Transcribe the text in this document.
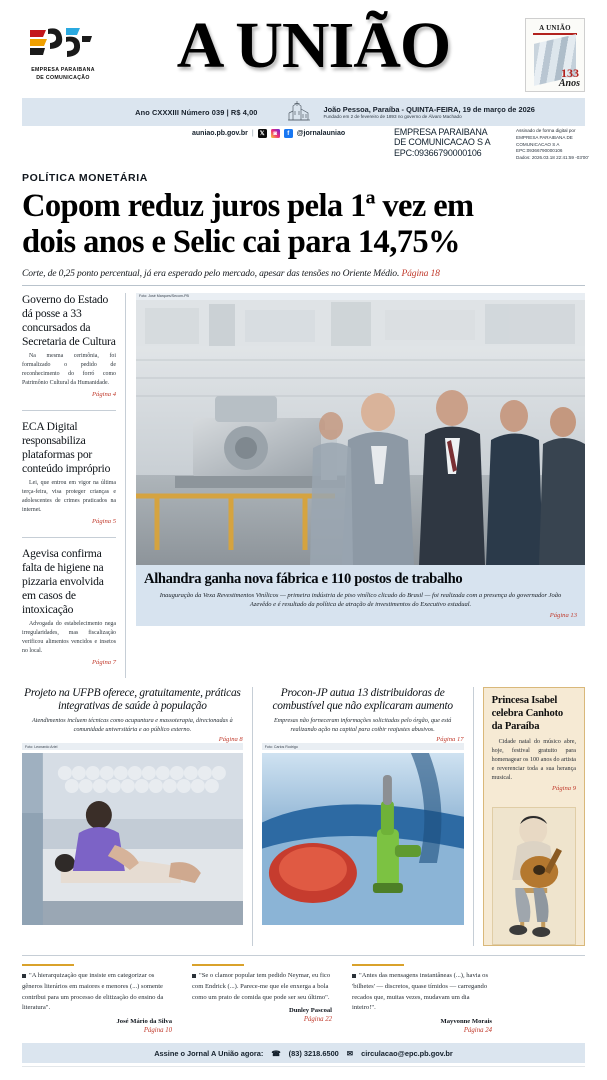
EMPRESA PARAIBANA
DE COMUNICAÇÃO	A UNIÃO	A UNIÃO
133
Anos
Ano CXXXIII Número 039 | R$ 4,00	João Pessoa, Paraíba - QUINTA-FEIRA, 19 de março de 2026
Fundado em 2 de fevereiro de 1893 no governo de Álvaro Machado
auniao.pb.gov.br |	𝕏	◙	f	@jornalauniao	EMPRESA PARAIBANA
DE COMUNICACAO S A
EPC:09366790000106
Assinado de forma digital por
EMPRESA PARAIBANA DE
COMUNICACAO S A
EPC:09366790000106
Dados: 2026.03.18 22:41:59 -03'00'
POLÍTICA MONETÁRIA
Copom reduz juros pela 1ª vez em
dois anos e Selic cai para 14,75%
Corte, de 0,25 ponto percentual, já era esperado pelo mercado, apesar das tensões no Oriente Médio. Página 18
Governo do Estado dá posse a 33 concursados da Secretaria de Cultura

Na mesma cerimônia, foi formalizado o pedido de reconhecimento do forró como Patrimônio Cultural da Humanidade.

Página 4
ECA Digital responsabiliza plataformas por conteúdo impróprio

Lei, que entrou em vigor na última terça-feira, visa proteger crianças e adolescentes de crimes praticados na internet.

Página 5
Agevisa confirma falta de higiene na pizzaria envolvida em casos de intoxicação

Advogada do estabelecimento nega irregularidades, mas fiscalização verificou alimentos vencidos e insetos no local.

Página 7
Foto: José Marques/Secom-PB
Alhandra ganha nova fábrica e 110 postos de trabalho

Inauguração da Vexa Revestimentos Vinílicos — primeira indústria de piso vinílico clicado do Brasil — foi realizada com a presença do governador João Azevêdo e é resultado da política de atração de investimentos do Executivo estadual.

Página 13
Projeto na UFPB oferece, gratuitamente, práticas integrativas de saúde à população
Atendimentos incluem técnicas como acupuntura e massoterapia, direcionadas à comunidade universitária e ao público externo.
Página 8
Foto: Leonardo Ariel
Procon-JP autua 13 distribuidoras de combustível que não explicaram aumento
Empresas não forneceram informações solicitadas pelo órgão, que está realizando ação na capital para coibir reajustes abusivos.
Página 17
Foto: Carlos Rodrigo
Princesa Isabel celebra Canhoto da Paraíba

Cidade natal do músico abre, hoje, festival gratuito para homenagear os 100 anos do artista e reverenciar toda a sua herança musical.

Página 9
"A hierarquização que insiste em categorizar os gêneros literários em maiores e menores (...) somente contribui para um processo de elitização do ensino da literatura".
José Mário da Silva
Página 10
"Se o clamor popular tem pedido Neymar, eu fico com Endrick (...). Parece-me que ele enxerga a bola como um prato de comida que pode ser seu último".
Dunley Pascoal
Página 22
"Antes das mensagens instantâneas (...), havia os 'bilhetes' — discretos, quase tímidos — carregando recados que, muitas vezes, mudavam um dia inteiro!".
Mayvonne Morais
Página 24
Assine o Jornal A União agora: ☎ (83) 3218.6500 ✉ circulacao@epc.pb.gov.br
